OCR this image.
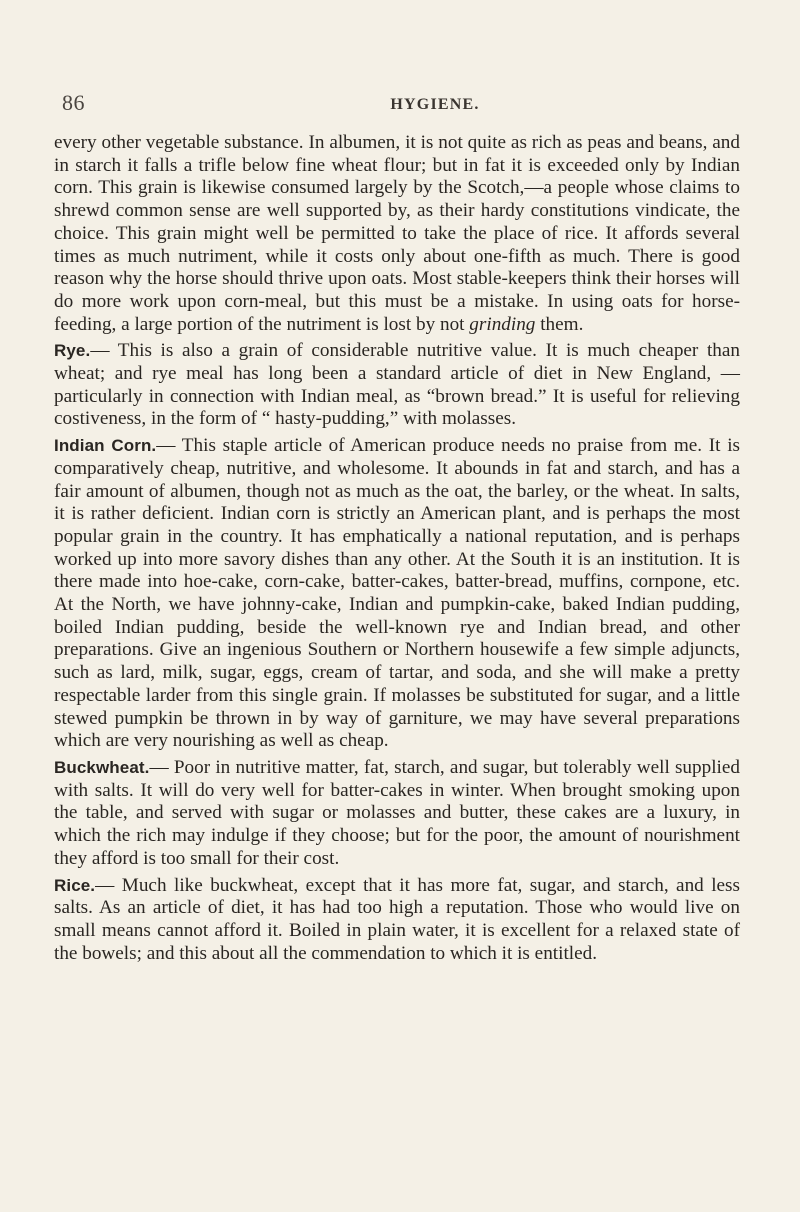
86	HYGIENE.

every other vegetable substance. In albumen, it is not quite as rich as peas and beans, and in starch it falls a trifle below fine wheat flour; but in fat it is exceeded only by Indian corn. This grain is likewise consumed largely by the Scotch,—a people whose claims to shrewd common sense are well supported by, as their hardy constitutions vindicate, the choice. This grain might well be permitted to take the place of rice. It affords several times as much nutriment, while it costs only about one-fifth as much. There is good reason why the horse should thrive upon oats. Most stable-keepers think their horses will do more work upon corn-meal, but this must be a mistake. In using oats for horse-feeding, a large portion of the nutriment is lost by not grinding them.

Rye.— This is also a grain of considerable nutritive value. It is much cheaper than wheat; and rye meal has long been a standard article of diet in New England, — particularly in connection with Indian meal, as “brown bread.” It is useful for relieving costiveness, in the form of “ hasty-pudding,” with molasses.

Indian Corn.— This staple article of American produce needs no praise from me. It is comparatively cheap, nutritive, and wholesome. It abounds in fat and starch, and has a fair amount of albumen, though not as much as the oat, the barley, or the wheat. In salts, it is rather deficient. Indian corn is strictly an American plant, and is perhaps the most popular grain in the country. It has emphatically a national reputation, and is perhaps worked up into more savory dishes than any other. At the South it is an institution. It is there made into hoe-cake, corn-cake, batter-cakes, batter-bread, muffins, cornpone, etc. At the North, we have johnny-cake, Indian and pumpkin-cake, baked Indian pudding, boiled Indian pudding, beside the well-known rye and Indian bread, and other preparations. Give an ingenious Southern or Northern housewife a few simple adjuncts, such as lard, milk, sugar, eggs, cream of tartar, and soda, and she will make a pretty respectable larder from this single grain. If molasses be substituted for sugar, and a little stewed pumpkin be thrown in by way of garniture, we may have several preparations which are very nourishing as well as cheap.

Buckwheat.— Poor in nutritive matter, fat, starch, and sugar, but tolerably well supplied with salts. It will do very well for batter-cakes in winter. When brought smoking upon the table, and served with sugar or molasses and butter, these cakes are a luxury, in which the rich may indulge if they choose; but for the poor, the amount of nourishment they afford is too small for their cost.

Rice.— Much like buckwheat, except that it has more fat, sugar, and starch, and less salts. As an article of diet, it has had too high a reputation. Those who would live on small means cannot afford it. Boiled in plain water, it is excellent for a relaxed state of the bowels; and this about all the commendation to which it is entitled.
